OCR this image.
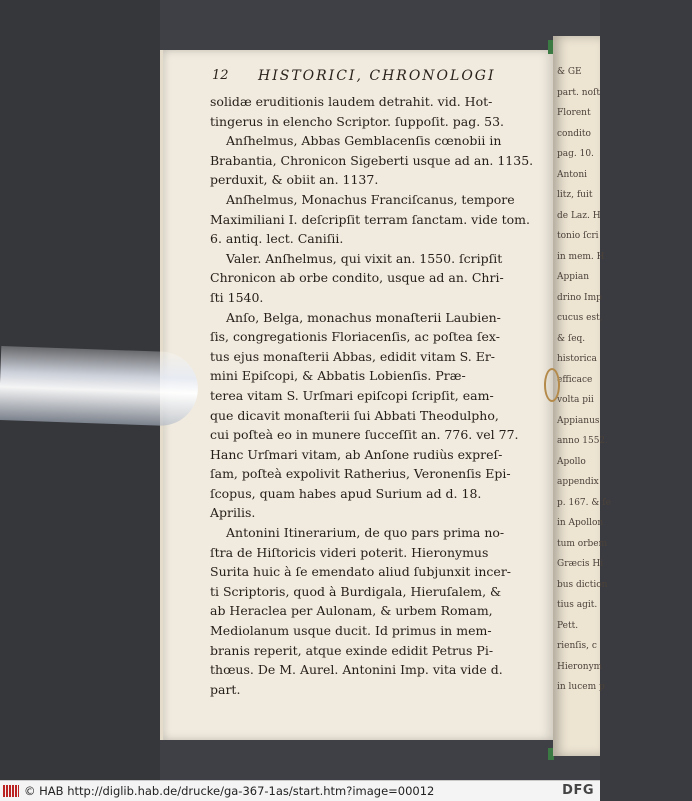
& GE
part. noſt
Florent
condito
pag. 10.
Antoni
litz, fuit
de Laz. H
tonio ſcri
in mem. H
Appian
drino Imp
cucus est,
& ſeq.
historica
efficace
volta pii
Appianus
anno 1552.
Apollo
appendix
p. 167. & ſe
in Apollon
tum orbem
Græcis Hi
bus diction
tius agit.
Pett.
rienſis, c
Hieronym
in lucem p
12 HISTORICI, CHRONOLOGI
solidæ eruditionis laudem detrahit. vid. Hot-
tingerus in elencho Scriptor. ſuppoſit. pag. 53.
Anſhelmus, Abbas Gemblacenſis cœnobii in
Brabantia, Chronicon Sigeberti usque ad an. 1135.
perduxit, & obiit an. 1137.
Anſhelmus, Monachus Franciſcanus, tempore
Maximiliani I. deſcripſit terram ſanctam. vide tom.
6. antiq. lect. Caniſii.
Valer. Anſhelmus, qui vixit an. 1550. ſcripſit
Chronicon ab orbe condito, usque ad an. Chri-
ſti 1540.
Anſo, Belga, monachus monaſterii Laubien-
ſis, congregationis Floriacenſis, ac poſtea ſex-
tus ejus monaſterii Abbas, edidit vitam S. Er-
mini Epiſcopi, & Abbatis Lobienſis. Præ-
terea vitam S. Urſmari epiſcopi ſcripſit, eam-
que dicavit monaſterii ſui Abbati Theodulpho,
cui poſteà eo in munere ſucceſſit an. 776. vel 77.
Hanc Urſmari vitam, ab Anſone rudiùs expreſ-
ſam, poſteà expolivit Ratherius, Veronenſis Epi-
ſcopus, quam habes apud Surium ad d. 18.
Aprilis.
Antonini Itinerarium, de quo pars prima no-
ſtra de Hiſtoricis videri poterit. Hieronymus
Surita huic à ſe emendato aliud ſubjunxit incer-
ti Scriptoris, quod à Burdigala, Hieruſalem, &
ab Heraclea per Aulonam, & urbem Romam,
Mediolanum usque ducit. Id primus in mem-
branis reperit, atque exinde edidit Petrus Pi-
thœus. De M. Aurel. Antonini Imp. vita vide d.
part.
© HAB http://diglib.hab.de/drucke/ga-367-1as/start.htm?image=00012	DFG
